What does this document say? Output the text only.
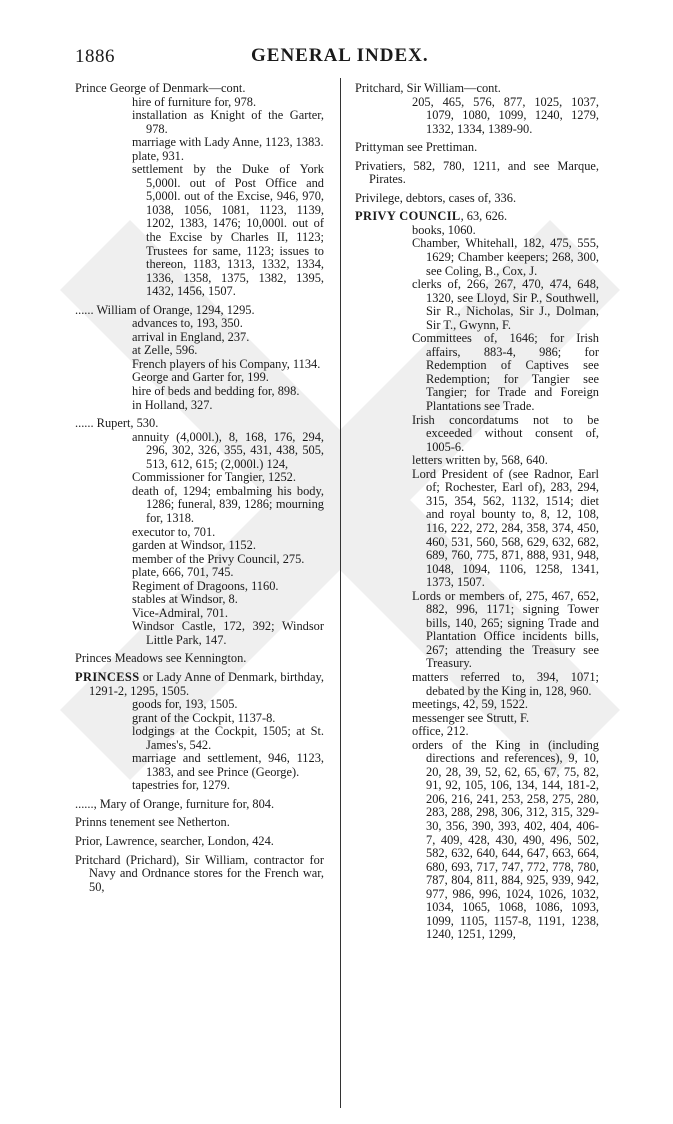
1886	GENERAL INDEX.
Prince George of Denmark—cont.
hire of furniture for, 978.
installation as Knight of the Garter, 978.
marriage with Lady Anne, 1123, 1383.
plate, 931.
settlement by the Duke of York 5,000l. out of Post Office and 5,000l. out of the Excise, 946, 970, 1038, 1056, 1081, 1123, 1139, 1202, 1383, 1476; 10,000l. out of the Excise by Charles II, 1123; Trustees for same, 1123; issues to thereon, 1183, 1313, 1332, 1334, 1336, 1358, 1375, 1382, 1395, 1432, 1456, 1507.
...... William of Orange, 1294, 1295.
advances to, 193, 350.
arrival in England, 237.
at Zelle, 596.
French players of his Company, 1134.
George and Garter for, 199.
hire of beds and bedding for, 898.
in Holland, 327.
...... Rupert, 530.
annuity (4,000l.), 8, 168, 176, 294, 296, 302, 326, 355, 431, 438, 505, 513, 612, 615; (2,000l.) 124,
Commissioner for Tangier, 1252.
death of, 1294; embalming his body, 1286; funeral, 839, 1286; mourning for, 1318.
executor to, 701.
garden at Windsor, 1152.
member of the Privy Council, 275.
plate, 666, 701, 745.
Regiment of Dragoons, 1160.
stables at Windsor, 8.
Vice-Admiral, 701.
Windsor Castle, 172, 392; Windsor Little Park, 147.
Princes Meadows see Kennington.
PRINCESS or Lady Anne of Denmark, birthday, 1291-2, 1295, 1505.
goods for, 193, 1505.
grant of the Cockpit, 1137-8.
lodgings at the Cockpit, 1505; at St. James's, 542.
marriage and settlement, 946, 1123, 1383, and see Prince (George).
tapestries for, 1279.
......, Mary of Orange, furniture for, 804.
Prinns tenement see Netherton.
Prior, Lawrence, searcher, London, 424.
Pritchard (Prichard), Sir William, contractor for Navy and Ordnance stores for the French war, 50,
Pritchard, Sir William—cont.
205, 465, 576, 877, 1025, 1037, 1079, 1080, 1099, 1240, 1279, 1332, 1334, 1389-90.
Prittyman see Prettiman.
Privatiers, 582, 780, 1211, and see Marque, Pirates.
Privilege, debtors, cases of, 336.
PRIVY COUNCIL, 63, 626.
books, 1060.
Chamber, Whitehall, 182, 475, 555, 1629; Chamber keepers; 268, 300, see Coling, B., Cox, J.
clerks of, 266, 267, 470, 474, 648, 1320, see Lloyd, Sir P., Southwell, Sir R., Nicholas, Sir J., Dolman, Sir T., Gwynn, F.
Committees of, 1646; for Irish affairs, 883-4, 986; for Redemption of Captives see Redemption; for Tangier see Tangier; for Trade and Foreign Plantations see Trade.
Irish concordatums not to be exceeded without consent of, 1005-6.
letters written by, 568, 640.
Lord President of (see Radnor, Earl of; Rochester, Earl of), 283, 294, 315, 354, 562, 1132, 1514; diet and royal bounty to, 8, 12, 108, 116, 222, 272, 284, 358, 374, 450, 460, 531, 560, 568, 629, 632, 682, 689, 760, 775, 871, 888, 931, 948, 1048, 1094, 1106, 1258, 1341, 1373, 1507.
Lords or members of, 275, 467, 652, 882, 996, 1171; signing Tower bills, 140, 265; signing Trade and Plantation Office incidents bills, 267; attending the Treasury see Treasury.
matters referred to, 394, 1071; debated by the King in, 128, 960.
meetings, 42, 59, 1522.
messenger see Strutt, F.
office, 212.
orders of the King in (including directions and references), 9, 10, 20, 28, 39, 52, 62, 65, 67, 75, 82, 91, 92, 105, 106, 134, 144, 181-2, 206, 216, 241, 253, 258, 275, 280, 283, 288, 298, 306, 312, 315, 329-30, 356, 390, 393, 402, 404, 406-7, 409, 428, 430, 490, 496, 502, 582, 632, 640, 644, 647, 663, 664, 680, 693, 717, 747, 772, 778, 780, 787, 804, 811, 884, 925, 939, 942, 977, 986, 996, 1024, 1026, 1032, 1034, 1065, 1068, 1086, 1093, 1099, 1105, 1157-8, 1191, 1238, 1240, 1251, 1299,
